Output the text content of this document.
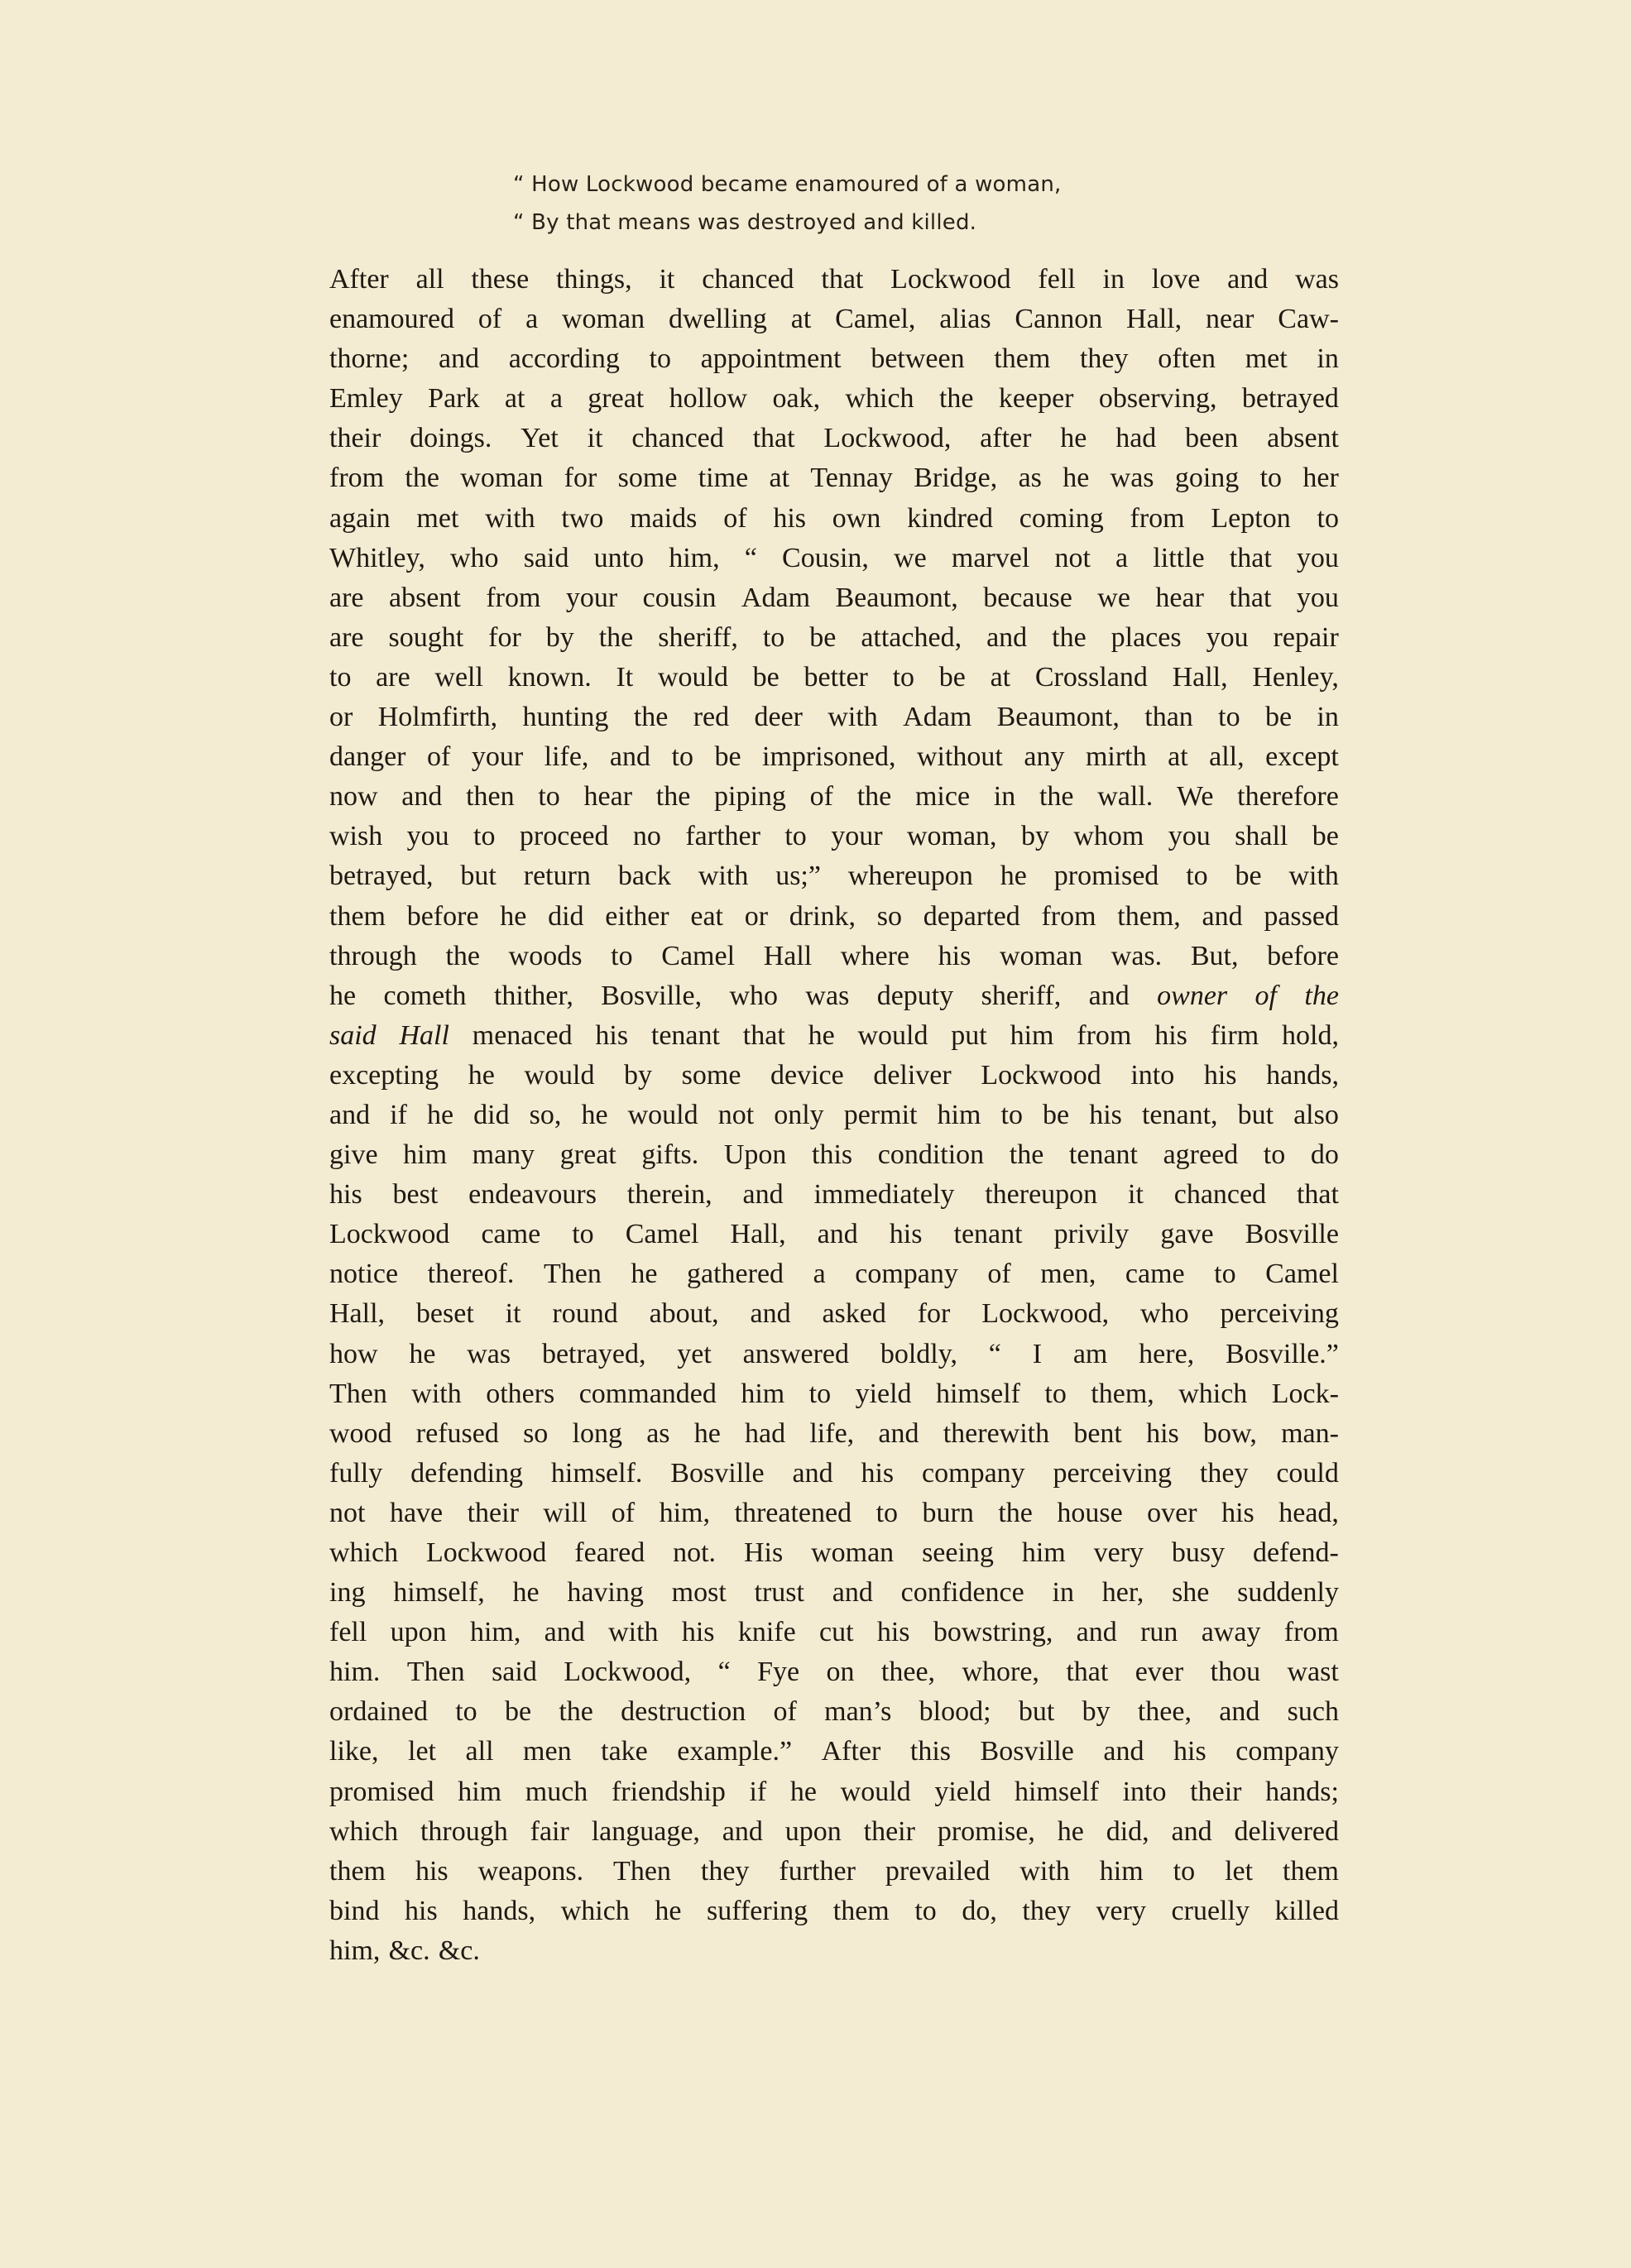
“ How Lockwood became enamoured of a woman,
“ By that means was destroyed and killed.
After all these things, it chanced that Lockwood fell in love and was
enamoured of a woman dwelling at Camel, alias Cannon Hall, near Caw-
thorne; and according to appointment between them they often met in
Emley Park at a great hollow oak, which the keeper observing, betrayed
their doings. Yet it chanced that Lockwood, after he had been absent
from the woman for some time at Tennay Bridge, as he was going to her
again met with two maids of his own kindred coming from Lepton to
Whitley, who said unto him, “ Cousin, we marvel not a little that you
are absent from your cousin Adam Beaumont, because we hear that you
are sought for by the sheriff, to be attached, and the places you repair
to are well known. It would be better to be at Crossland Hall, Henley,
or Holmfirth, hunting the red deer with Adam Beaumont, than to be in
danger of your life, and to be imprisoned, without any mirth at all, except
now and then to hear the piping of the mice in the wall. We therefore
wish you to proceed no farther to your woman, by whom you shall be
betrayed, but return back with us;” whereupon he promised to be with
them before he did either eat or drink, so departed from them, and passed
through the woods to Camel Hall where his woman was. But, before
he cometh thither, Bosville, who was deputy sheriff, and owner of the
said Hall menaced his tenant that he would put him from his firm hold,
excepting he would by some device deliver Lockwood into his hands,
and if he did so, he would not only permit him to be his tenant, but also
give him many great gifts. Upon this condition the tenant agreed to do
his best endeavours therein, and immediately thereupon it chanced that
Lockwood came to Camel Hall, and his tenant privily gave Bosville
notice thereof. Then he gathered a company of men, came to Camel
Hall, beset it round about, and asked for Lockwood, who perceiving
how he was betrayed, yet answered boldly, “ I am here, Bosville.”
Then with others commanded him to yield himself to them, which Lock-
wood refused so long as he had life, and therewith bent his bow, man-
fully defending himself. Bosville and his company perceiving they could
not have their will of him, threatened to burn the house over his head,
which Lockwood feared not. His woman seeing him very busy defend-
ing himself, he having most trust and confidence in her, she suddenly
fell upon him, and with his knife cut his bowstring, and run away from
him. Then said Lockwood, “ Fye on thee, whore, that ever thou wast
ordained to be the destruction of man’s blood; but by thee, and such
like, let all men take example.” After this Bosville and his company
promised him much friendship if he would yield himself into their hands;
which through fair language, and upon their promise, he did, and delivered
them his weapons. Then they further prevailed with him to let them
bind his hands, which he suffering them to do, they very cruelly killed
him, &c. &c.
